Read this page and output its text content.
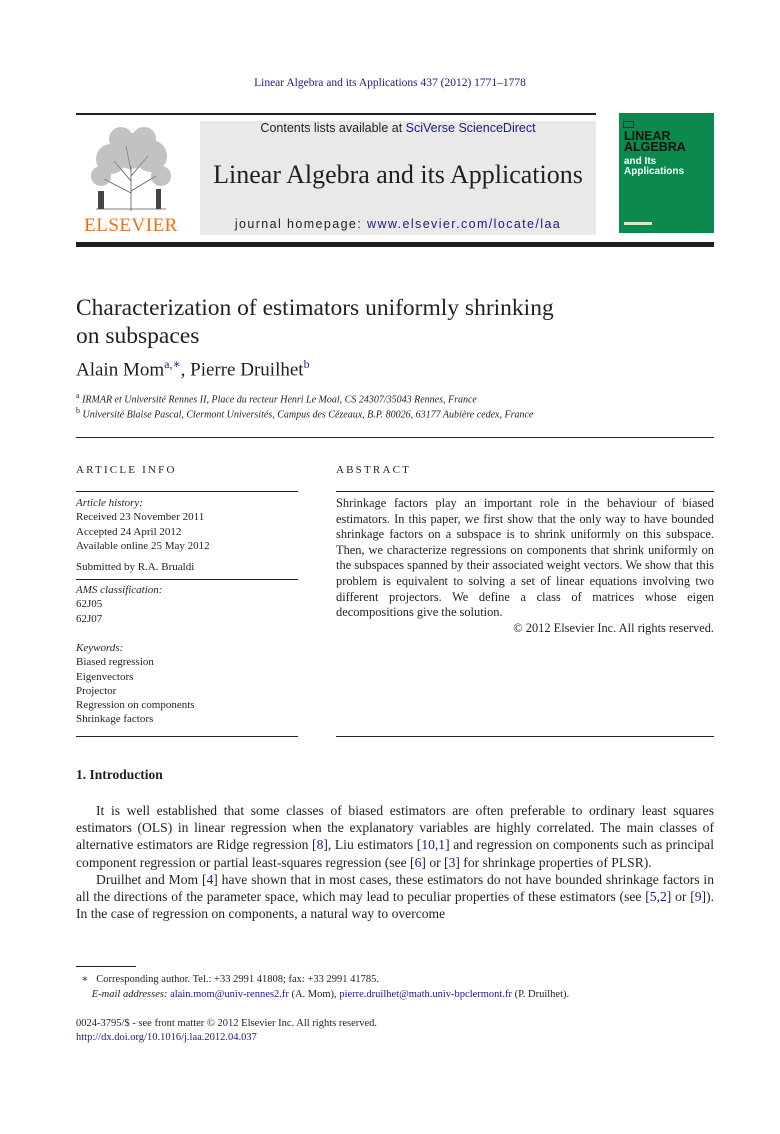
Linear Algebra and its Applications 437 (2012) 1771–1778
ELSEVIER
Contents lists available at SciVerse ScienceDirect
Linear Algebra and its Applications
journal homepage: www.elsevier.com/locate/laa
LINEAR
ALGEBRA
and Its
Applications
Characterization of estimators uniformly shrinking
on subspaces
Alain Mom$^{a,∗}$, Pierre Druilhet$^b$
$^a$ IRMAR et Université Rennes II, Place du recteur Henri Le Moal, CS 24307/35043 Rennes, France
$^b$ Université Blaise Pascal, Clermont Universités, Campus des Cézeaux, B.P. 80026, 63177 Aubière cedex, France
ARTICLE INFO
Article history:
Received 23 November 2011
Accepted 24 April 2012
Available online 25 May 2012
Submitted by R.A. Brualdi
AMS classification:
62J05
62J07
Keywords:
Biased regression
Eigenvectors
Projector
Regression on components
Shrinkage factors
ABSTRACT
Shrinkage factors play an important role in the behaviour of biased estimators. In this paper, we first show that the only way to have bounded shrinkage factors on a subspace is to shrink uniformly on this subspace. Then, we characterize regressions on components that shrink uniformly on the subspaces spanned by their associated weight vectors. We show that this problem is equivalent to solving a set of linear equations involving two different projectors. We define a class of matrices whose eigen decompositions give the solution.
© 2012 Elsevier Inc. All rights reserved.
1. Introduction

It is well established that some classes of biased estimators are often preferable to ordinary least squares estimators (OLS) in linear regression when the explanatory variables are highly correlated. The main classes of alternative estimators are Ridge regression [8], Liu estimators [10,1] and regression on components such as principal component regression or partial least-squares regression (see [6] or [3] for shrinkage properties of PLSR).

Druilhet and Mom [4] have shown that in most cases, these estimators do not have bounded shrinkage factors in all the directions of the parameter space, which may lead to peculiar properties of these estimators (see [5,2] or [9]). In the case of regression on components, a natural way to overcome

∗ Corresponding author. Tel.: +33 2991 41808; fax: +33 2991 41785.
E-mail addresses: alain.mom@univ-rennes2.fr (A. Mom), pierre.druilhet@math.univ-bpclermont.fr (P. Druilhet).
0024-3795/$ - see front matter © 2012 Elsevier Inc. All rights reserved.
http://dx.doi.org/10.1016/j.laa.2012.04.037
